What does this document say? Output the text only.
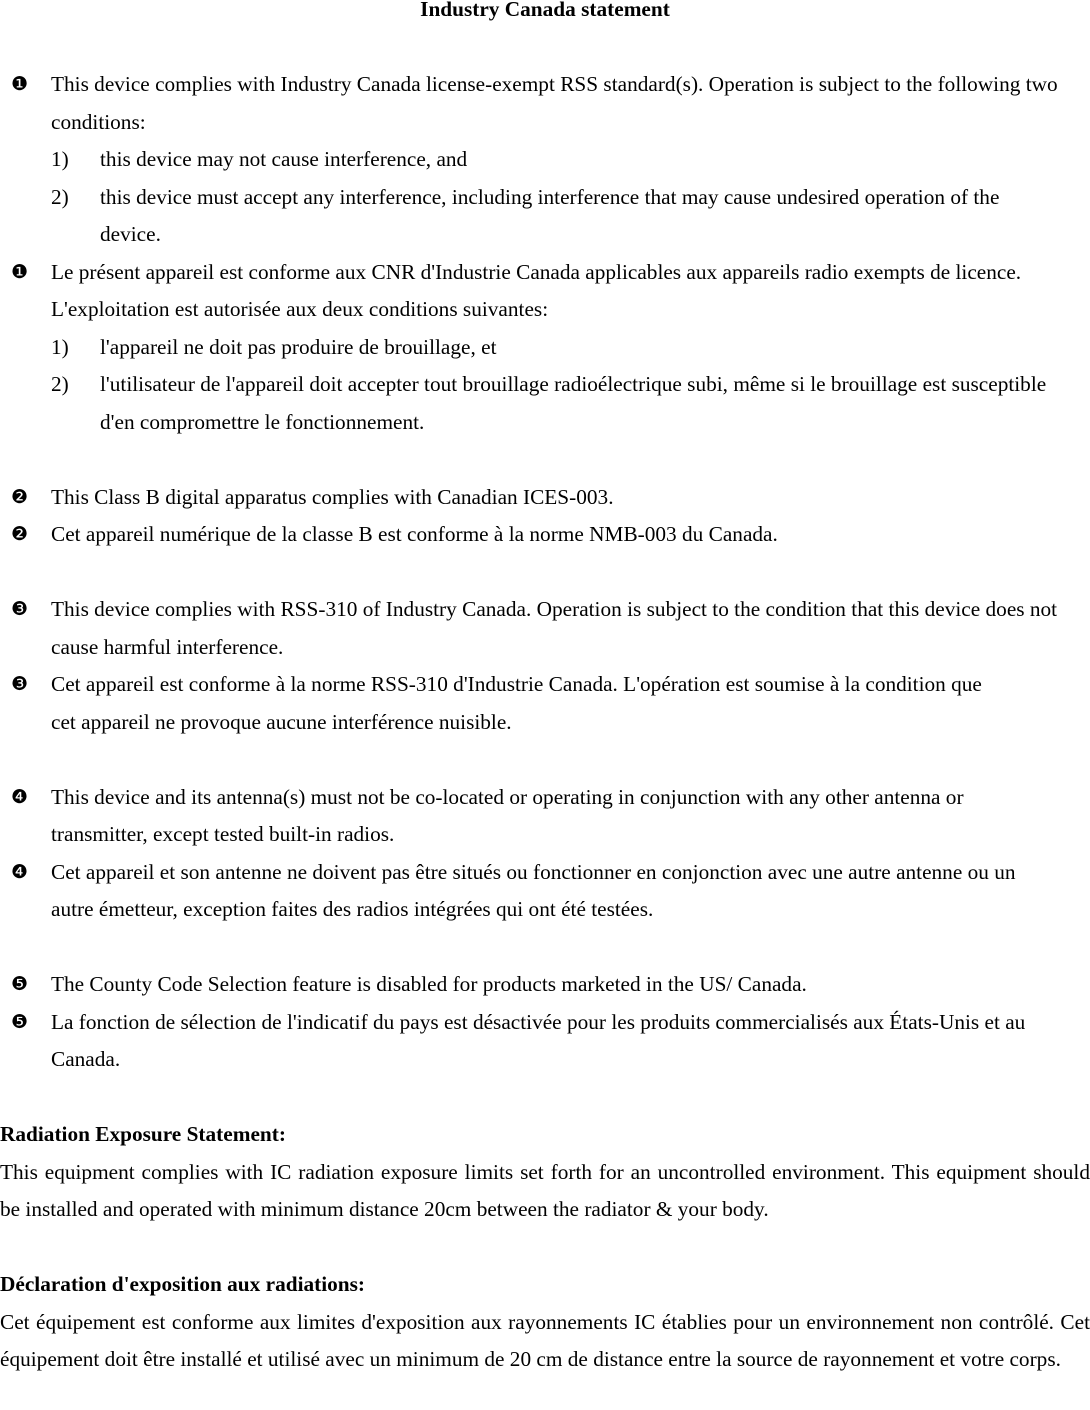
Industry Canada statement
❶ This device complies with Industry Canada license-exempt RSS standard(s). Operation is subject to the following two conditions:
1) this device may not cause interference, and
2) this device must accept any interference, including interference that may cause undesired operation of the device.
❶ Le présent appareil est conforme aux CNR d'Industrie Canada applicables aux appareils radio exempts de licence. L'exploitation est autorisée aux deux conditions suivantes:
1) l'appareil ne doit pas produire de brouillage, et
2) l'utilisateur de l'appareil doit accepter tout brouillage radioélectrique subi, même si le brouillage est susceptible d'en compromettre le fonctionnement.
❷ This Class B digital apparatus complies with Canadian ICES-003.
❷ Cet appareil numérique de la classe B est conforme à la norme NMB-003 du Canada.
❸ This device complies with RSS-310 of Industry Canada. Operation is subject to the condition that this device does not cause harmful interference.
❸ Cet appareil est conforme à la norme RSS-310 d'Industrie Canada. L'opération est soumise à la condition que cet appareil ne provoque aucune interférence nuisible.
❹ This device and its antenna(s) must not be co-located or operating in conjunction with any other antenna or transmitter, except tested built-in radios.
❹ Cet appareil et son antenne ne doivent pas être situés ou fonctionner en conjonction avec une autre antenne ou un autre émetteur, exception faites des radios intégrées qui ont été testées.
❺ The County Code Selection feature is disabled for products marketed in the US/ Canada.
❺ La fonction de sélection de l'indicatif du pays est désactivée pour les produits commercialisés aux États-Unis et au Canada.
Radiation Exposure Statement:
This equipment complies with IC radiation exposure limits set forth for an uncontrolled environment. This equipment should be installed and operated with minimum distance 20cm between the radiator & your body.
Déclaration d'exposition aux radiations:
Cet équipement est conforme aux limites d'exposition aux rayonnements IC établies pour un environnement non contrôlé. Cet équipement doit être installé et utilisé avec un minimum de 20 cm de distance entre la source de rayonnement et votre corps.
